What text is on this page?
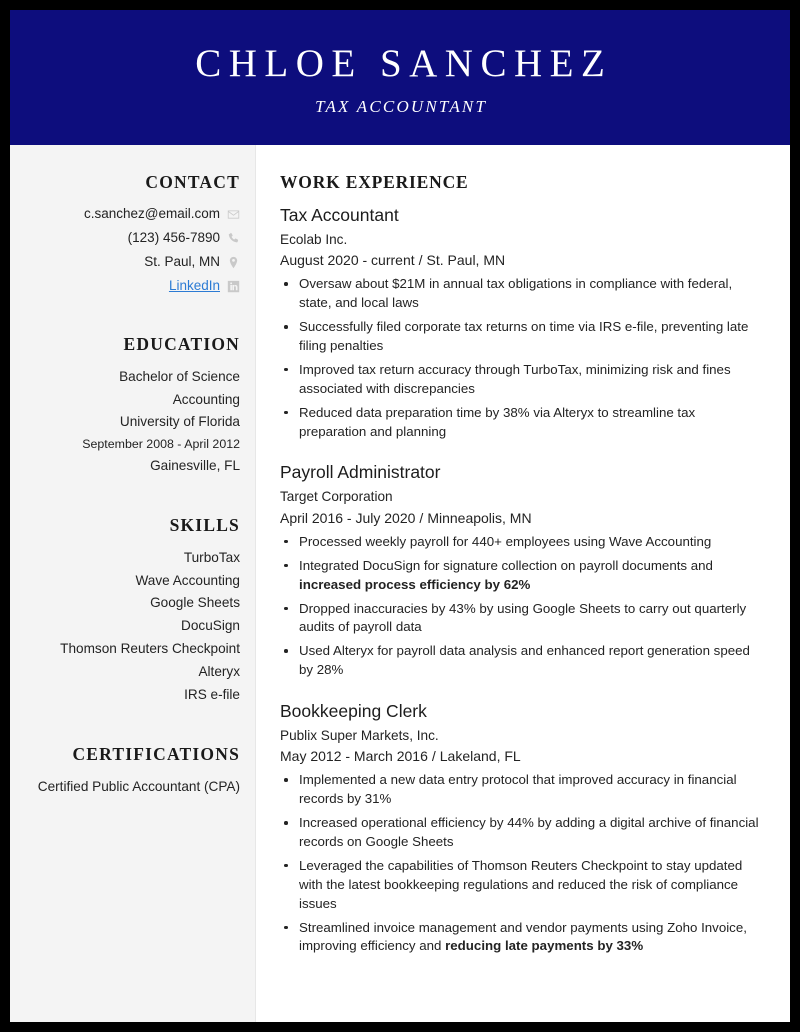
CHLOE SANCHEZ
TAX ACCOUNTANT
CONTACT
c.sanchez@email.com
(123) 456-7890
St. Paul, MN
LinkedIn
EDUCATION
Bachelor of Science
Accounting
University of Florida
September 2008 - April 2012
Gainesville, FL
SKILLS
TurboTax
Wave Accounting
Google Sheets
DocuSign
Thomson Reuters Checkpoint
Alteryx
IRS e-file
CERTIFICATIONS
Certified Public Accountant (CPA)
WORK EXPERIENCE
Tax Accountant
Ecolab Inc.
August 2020 - current / St. Paul, MN
Oversaw about $21M in annual tax obligations in compliance with federal, state, and local laws
Successfully filed corporate tax returns on time via IRS e-file, preventing late filing penalties
Improved tax return accuracy through TurboTax, minimizing risk and fines associated with discrepancies
Reduced data preparation time by 38% via Alteryx to streamline tax preparation and planning
Payroll Administrator
Target Corporation
April 2016 - July 2020 / Minneapolis, MN
Processed weekly payroll for 440+ employees using Wave Accounting
Integrated DocuSign for signature collection on payroll documents and increased process efficiency by 62%
Dropped inaccuracies by 43% by using Google Sheets to carry out quarterly audits of payroll data
Used Alteryx for payroll data analysis and enhanced report generation speed by 28%
Bookkeeping Clerk
Publix Super Markets, Inc.
May 2012 - March 2016 / Lakeland, FL
Implemented a new data entry protocol that improved accuracy in financial records by 31%
Increased operational efficiency by 44% by adding a digital archive of financial records on Google Sheets
Leveraged the capabilities of Thomson Reuters Checkpoint to stay updated with the latest bookkeeping regulations and reduced the risk of compliance issues
Streamlined invoice management and vendor payments using Zoho Invoice, improving efficiency and reducing late payments by 33%
